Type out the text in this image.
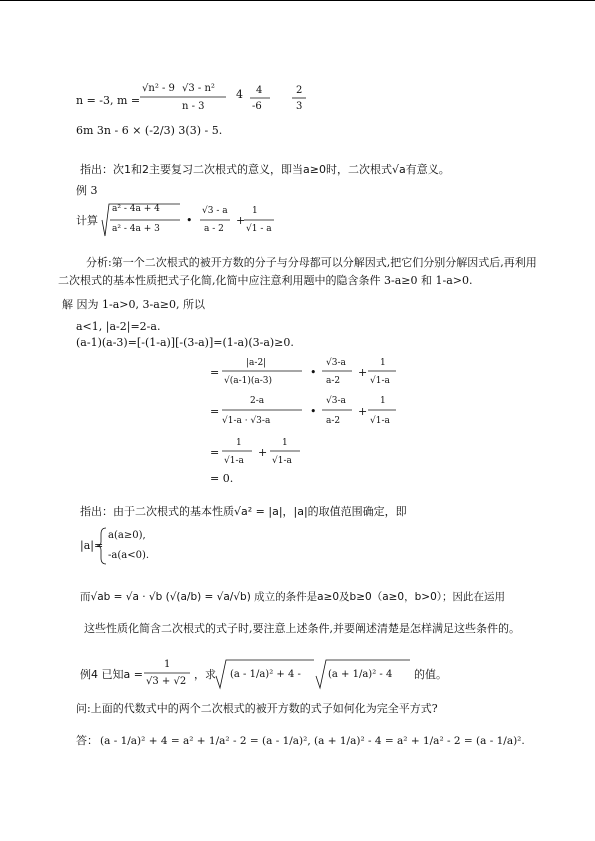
n = -3, m =
√n² - 9 √3 - n²
n - 3
4 4
-6
2
3
6m 3n - 6 × (-2/3) 3(3) - 5.
指出：次1和2主要复习二次根式的意义，即当a≥0时，二次根式√a有意义。
例 3
计算
a² - 4a + 4
a² - 4a + 3
•
√3 - a
a - 2
+
1
√1 - a
分析:第一个二次根式的被开方数的分子与分母都可以分解因式,把它们分别分解因式后,再利用二次根式的基本性质把式子化简,化简中应注意利用题中的隐含条件 3-a≥0 和 1-a>0.
解 因为 1-a>0, 3-a≥0, 所以
a<1, |a-2|=2-a.
(a-1)(a-3)=[-(1-a)][-(3-a)]=(1-a)(3-a)≥0.
=
|a-2|
√(a-1)(a-3)
•
√3-a
a-2
+
1
√1-a
=
2-a
√1-a · √3-a
•
√3-a
a-2
+
1
√1-a
=
1
√1-a
+
1
√1-a
= 0.
指出：由于二次根式的基本性质√a² = |a|，|a|的取值范围确定，即
|a|=
a(a≥0),
-a(a<0).
而√ab = √a · √b (√(a/b) = √a/√b) 成立的条件是a≥0及b≥0（a≥0，b>0）；因此在运用
这些性质化简含二次根式的式子时,要注意上述条件,并要阐述清楚是怎样满足这些条件的。
例4 已知a =
1
√3 + √2
，求 (a - 1/a)² + 4 -	(a + 1/a)² - 4 的值。
问:上面的代数式中的两个二次根式的被开方数的式子如何化为完全平方式?
答： (a - 1/a)² + 4 = a² + 1/a² - 2 = (a - 1/a)², (a + 1/a)² - 4 = a² + 1/a² - 2 = (a - 1/a)².
